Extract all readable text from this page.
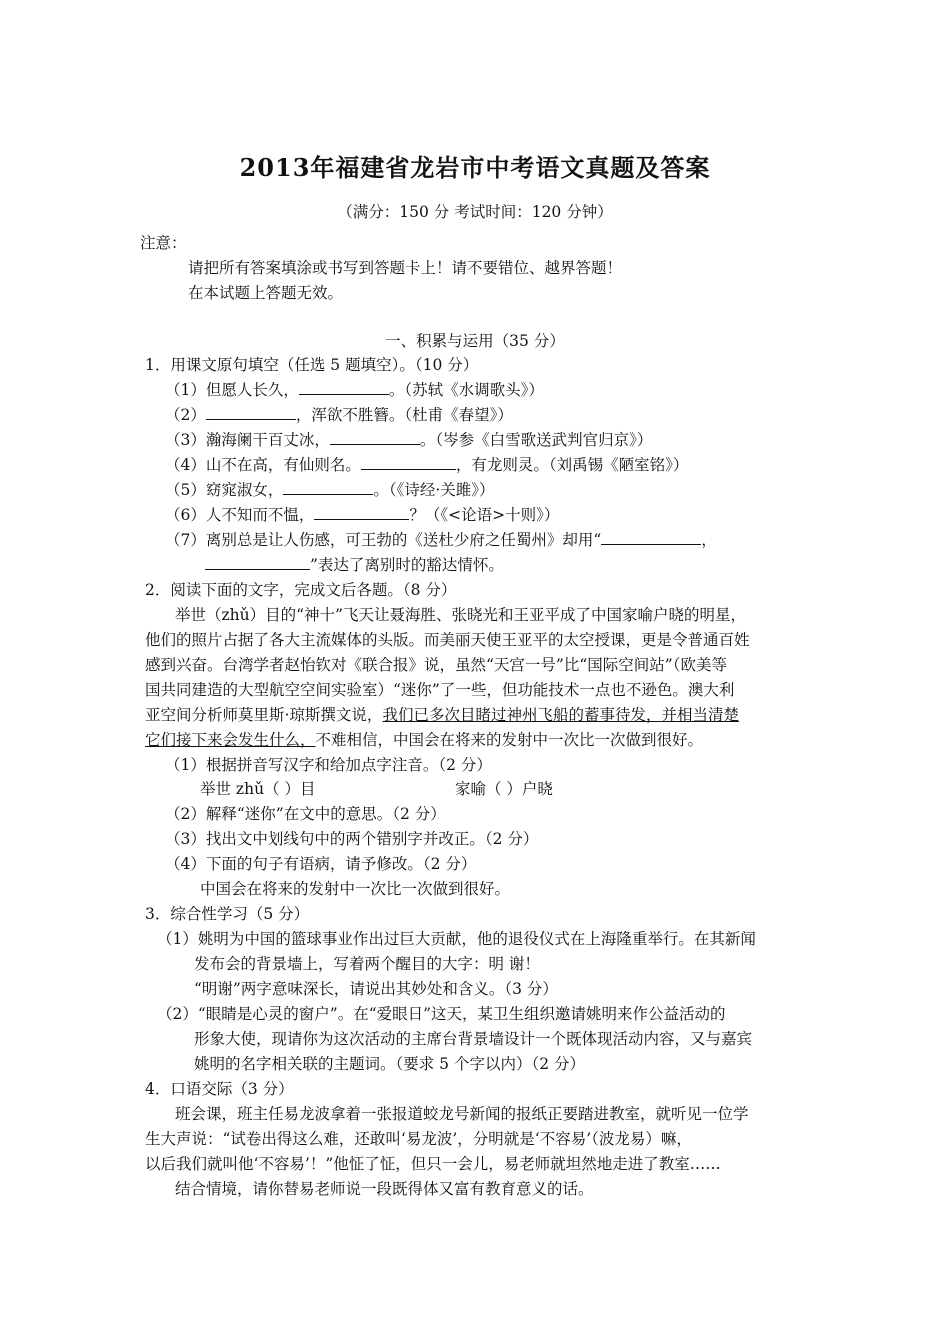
2013年福建省龙岩市中考语文真题及答案
（满分：150 分 考试时间：120 分钟）
注意：
请把所有答案填涂或书写到答题卡上！请不要错位、越界答题！
在本试题上答题无效。
一、积累与运用（35 分）
1．用课文原句填空（任选 5 题填空）。（10 分）
（1）但愿人长久，	。（苏轼《水调歌头》）
（2）	，浑欲不胜簪。（杜甫《春望》）
（3）瀚海阑干百丈冰，	。（岑参《白雪歌送武判官归京》）
（4）山不在高，有仙则名。	，有龙则灵。（刘禹锡《陋室铭》）
（5）窈窕淑女，	。（《诗经·关雎》）
（6）人不知而不愠，	？（《<论语>十则》）
（7）离别总是让人伤感，可王勃的《送杜少府之任蜀州》却用“	，
”表达了离别时的豁达情怀。
2．阅读下面的文字，完成文后各题。（8 分）
举世（zhǔ）目的“神十”飞天让聂海胜、张晓光和王亚平成了中国家喻户晓的明星，
他们的照片占据了各大主流媒体的头版。而美丽天使王亚平的太空授课，更是令普通百姓
感到兴奋。台湾学者赵怡钦对《联合报》说，虽然“天宫一号”比“国际空间站”（欧美等
国共同建造的大型航空空间实验室）“迷你”了一些，但功能技术一点也不逊色。澳大利
亚空间分析师莫里斯·琼斯撰文说，我们已多次目睹过神州飞船的蓄事待发，并相当清楚
它们接下来会发生什么，不难相信，中国会在将来的发射中一次比一次做到很好。
（1）根据拼音写汉字和给加点字注音。（2 分）
举世 zhǔ（ ）目	家喻（ ）户晓
（2）解释“迷你”在文中的意思。（2 分）
（3）找出文中划线句中的两个错别字并改正。（2 分）
（4）下面的句子有语病，请予修改。（2 分）
中国会在将来的发射中一次比一次做到很好。
3．综合性学习（5 分）
（1）姚明为中国的篮球事业作出过巨大贡献，他的退役仪式在上海隆重举行。在其新闻
发布会的背景墙上，写着两个醒目的大字：明 谢！
“明谢”两字意味深长，请说出其妙处和含义。（3 分）
（2）“眼睛是心灵的窗户”。在“爱眼日”这天，某卫生组织邀请姚明来作公益活动的
形象大使，现请你为这次活动的主席台背景墙设计一个既体现活动内容，又与嘉宾
姚明的名字相关联的主题词。（要求 5 个字以内）（2 分）
4．口语交际（3 分）
班会课，班主任易龙波拿着一张报道蛟龙号新闻的报纸正要踏进教室，就听见一位学
生大声说：“试卷出得这么难，还敢叫‘易龙波’，分明就是‘不容易’（波龙易）嘛，
以后我们就叫他‘不容易’！”他怔了怔，但只一会儿，易老师就坦然地走进了教室……
结合情境，请你替易老师说一段既得体又富有教育意义的话。
